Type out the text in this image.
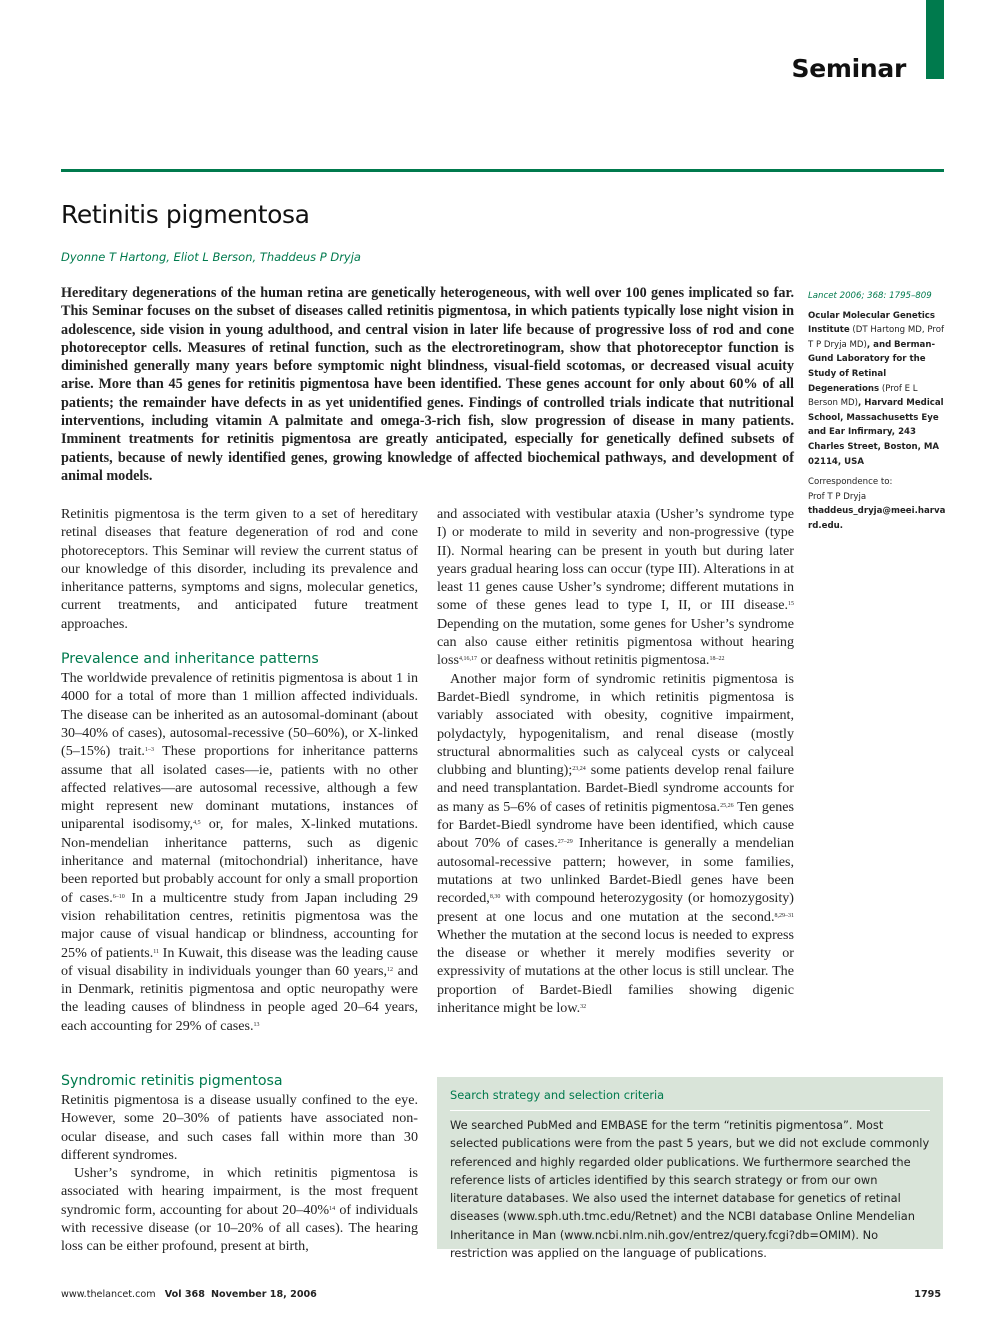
Seminar
Retinitis pigmentosa
Dyonne T Hartong, Eliot L Berson, Thaddeus P Dryja
Hereditary degenerations of the human retina are genetically heterogeneous, with well over 100 genes implicated so far. This Seminar focuses on the subset of diseases called retinitis pigmentosa, in which patients typically lose night vision in adolescence, side vision in young adulthood, and central vision in later life because of progressive loss of rod and cone photoreceptor cells. Measures of retinal function, such as the electroretinogram, show that photoreceptor function is diminished generally many years before symptomic night blindness, visual-field scotomas, or decreased visual acuity arise. More than 45 genes for retinitis pigmentosa have been identified. These genes account for only about 60% of all patients; the remainder have defects in as yet unidentified genes. Findings of controlled trials indicate that nutritional interventions, including vitamin A palmitate and omega-3-rich fish, slow progression of disease in many patients. Imminent treatments for retinitis pigmentosa are greatly anticipated, especially for genetically defined subsets of patients, because of newly identified genes, growing knowledge of affected biochemical pathways, and development of animal models.
Lancet 2006; 368: 1795–809
Ocular Molecular Genetics Institute (DT Hartong MD, Prof T P Dryja MD), and Berman-Gund Laboratory for the Study of Retinal Degenerations (Prof E L Berson MD), Harvard Medical School, Massachusetts Eye and Ear Infirmary, 243 Charles Street, Boston, MA 02114, USA
Correspondence to:
Prof T P Dryja
thaddeus_dryja@meei.harvard.edu.

Retinitis pigmentosa is the term given to a set of hereditary retinal diseases that feature degeneration of rod and cone photoreceptors. This Seminar will review the current status of our knowledge of this disorder, including its prevalence and inheritance patterns, symptoms and signs, molecular genetics, current treatments, and anticipated future treatment approaches.

Prevalence and inheritance patterns

The worldwide prevalence of retinitis pigmentosa is about 1 in 4000 for a total of more than 1 million affected individuals. The disease can be inherited as an autosomal-dominant (about 30–40% of cases), autosomal-recessive (50–60%), or X-linked (5–15%) trait.$^{1-3}$ These proportions for inheritance patterns assume that all isolated cases—ie, patients with no other affected relatives—are autosomal recessive, although a few might represent new dominant mutations, instances of uniparental isodisomy,$^{4,5}$ or, for males, X-linked mutations. Non-mendelian inheritance patterns, such as digenic inheritance and maternal (mitochondrial) inheritance, have been reported but probably account for only a small proportion of cases.$^{6-10}$ In a multicentre study from Japan including 29 vision rehabilitation centres, retinitis pigmentosa was the major cause of visual handicap or blindness, accounting for 25% of patients.$^{11}$ In Kuwait, this disease was the leading cause of visual disability in individuals younger than 60 years,$^{12}$ and in Denmark, retinitis pigmentosa and optic neuropathy were the leading causes of blindness in people aged 20–64 years, each accounting for 29% of cases.$^{13}$

Syndromic retinitis pigmentosa

Retinitis pigmentosa is a disease usually confined to the eye. However, some 20–30% of patients have associated non-ocular disease, and such cases fall within more than 30 different syndromes.

Usher’s syndrome, in which retinitis pigmentosa is associated with hearing impairment, is the most frequent syndromic form, accounting for about 20–40%$^{14}$ of individuals with recessive disease (or 10–20% of all cases). The hearing loss can be either profound, present at birth,

and associated with vestibular ataxia (Usher’s syndrome type I) or moderate to mild in severity and non-progressive (type II). Normal hearing can be present in youth but during later years gradual hearing loss can occur (type III). Alterations in at least 11 genes cause Usher’s syndrome; different mutations in some of these genes lead to type I, II, or III disease.$^{15}$ Depending on the mutation, some genes for Usher’s syndrome can also cause either retinitis pigmentosa without hearing loss$^{4,16,17}$ or deafness without retinitis pigmentosa.$^{18-22}$

Another major form of syndromic retinitis pigmentosa is Bardet-Biedl syndrome, in which retinitis pigmentosa is variably associated with obesity, cognitive impairment, polydactyly, hypogenitalism, and renal disease (mostly structural abnormalities such as calyceal cysts or calyceal clubbing and blunting);$^{23,24}$ some patients develop renal failure and need transplantation. Bardet-Biedl syndrome accounts for as many as 5–6% of cases of retinitis pigmentosa.$^{25,26}$ Ten genes for Bardet-Biedl syndrome have been identified, which cause about 70% of cases.$^{27-29}$ Inheritance is generally a mendelian autosomal-recessive pattern; however, in some families, mutations at two unlinked Bardet-Biedl genes have been recorded,$^{8,30}$ with compound heterozygosity (or homozygosity) present at one locus and one mutation at the second.$^{8,29-31}$ Whether the mutation at the second locus is needed to express the disease or whether it merely modifies severity or expressivity of mutations at the other locus is still unclear. The proportion of Bardet-Biedl families showing digenic inheritance might be low.$^{32}$

Search strategy and selection criteria
We searched PubMed and EMBASE for the term “retinitis pigmentosa”. Most selected publications were from the past 5 years, but we did not exclude commonly referenced and highly regarded older publications. We furthermore searched the reference lists of articles identified by this search strategy or from our own literature databases. We also used the internet database for genetics of retinal diseases (www.sph.uth.tmc.edu/Retnet) and the NCBI database Online Mendelian Inheritance in Man (www.ncbi.nlm.nih.gov/entrez/query.fcgi?db=OMIM). No restriction was applied on the language of publications.
www.thelancet.com Vol 368 November 18, 2006	1795
